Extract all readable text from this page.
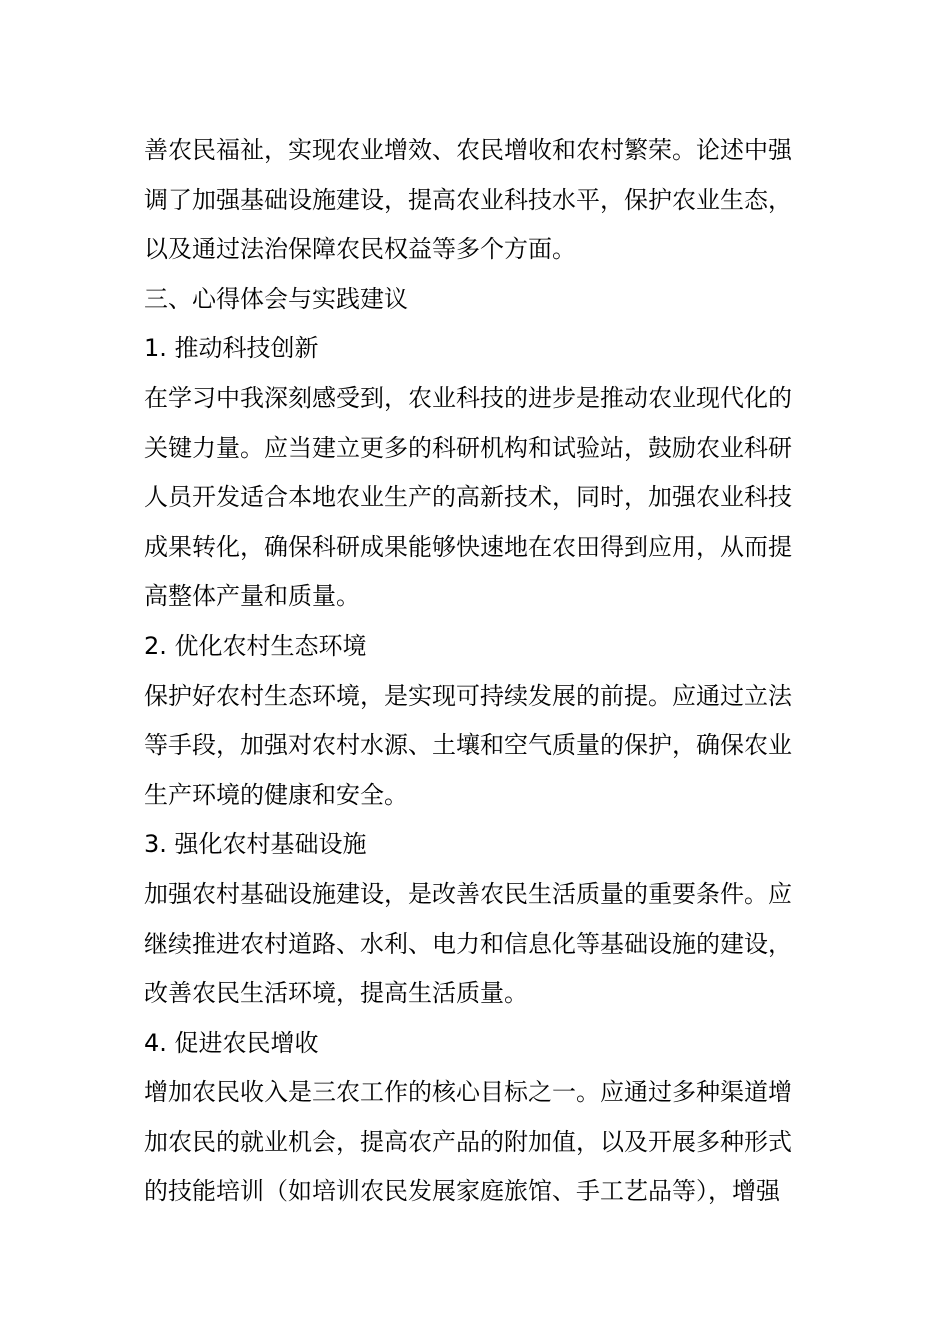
善农民福祉，实现农业增效、农民增收和农村繁荣。论述中强
调了加强基础设施建设，提高农业科技水平，保护农业生态，
以及通过法治保障农民权益等多个方面。
三、心得体会与实践建议
1. 推动科技创新
在学习中我深刻感受到，农业科技的进步是推动农业现代化的
关键力量。应当建立更多的科研机构和试验站，鼓励农业科研
人员开发适合本地农业生产的高新技术，同时，加强农业科技
成果转化，确保科研成果能够快速地在农田得到应用，从而提
高整体产量和质量。
2. 优化农村生态环境
保护好农村生态环境，是实现可持续发展的前提。应通过立法
等手段，加强对农村水源、土壤和空气质量的保护，确保农业
生产环境的健康和安全。
3. 强化农村基础设施
加强农村基础设施建设，是改善农民生活质量的重要条件。应
继续推进农村道路、水利、电力和信息化等基础设施的建设，
改善农民生活环境，提高生活质量。
4. 促进农民增收
增加农民收入是三农工作的核心目标之一。应通过多种渠道增
加农民的就业机会，提高农产品的附加值，以及开展多种形式
的技能培训（如培训农民发展家庭旅馆、手工艺品等），增强
